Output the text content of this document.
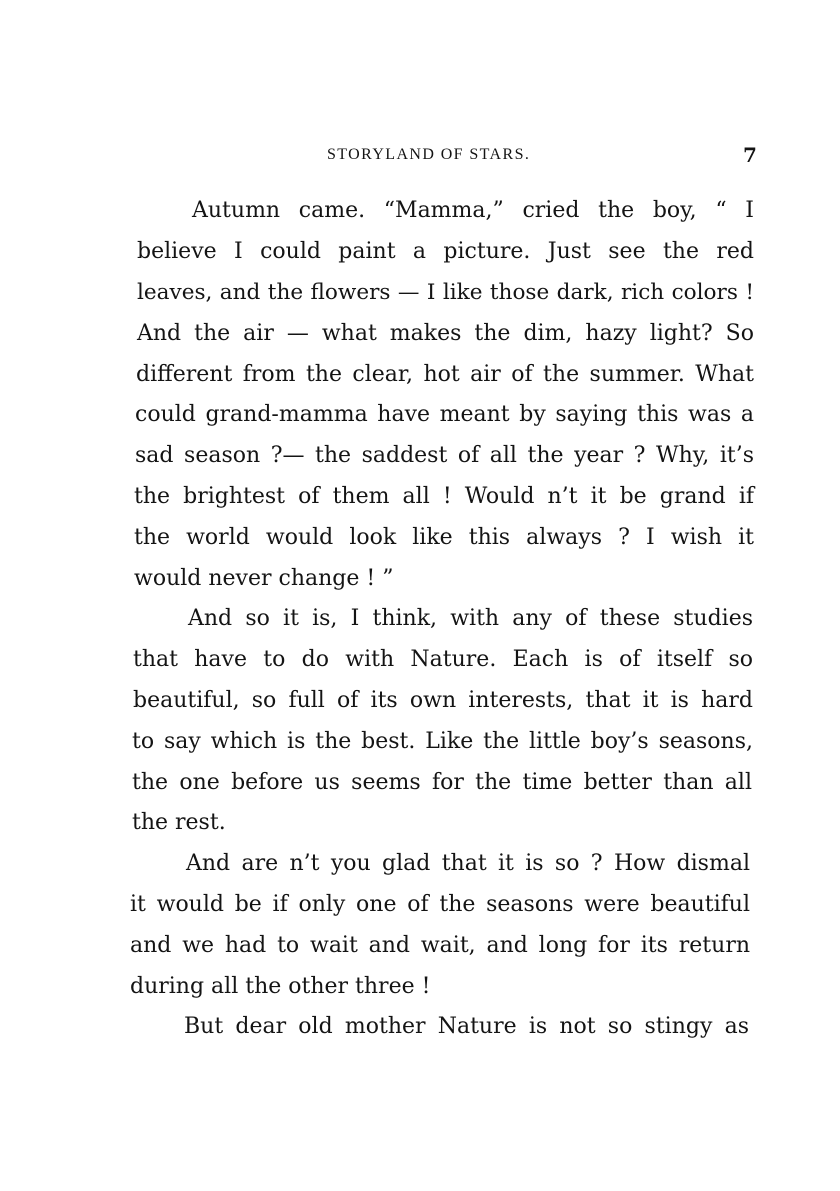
STORYLAND OF STARS.	7
Autumn came. “Mamma,” cried the boy, “ I
believe I could paint a picture. Just see the red
leaves, and the flowers — I like those dark, rich colors !
And the air — what makes the dim, hazy light? So
different from the clear, hot air of the summer. What
could grand-mamma have meant by saying this was a
sad season ?— the saddest of all the year ? Why, it’s
the brightest of them all ! Would n’t it be grand if
the world would look like this always ? I wish it
would never change ! ”
And so it is, I think, with any of these studies
that have to do with Nature. Each is of itself so
beautiful, so full of its own interests, that it is hard
to say which is the best. Like the little boy’s seasons,
the one before us seems for the time better than all
the rest.
And are n’t you glad that it is so ? How dismal
it would be if only one of the seasons were beautiful
and we had to wait and wait, and long for its return
during all the other three !
But dear old mother Nature is not so stingy as
